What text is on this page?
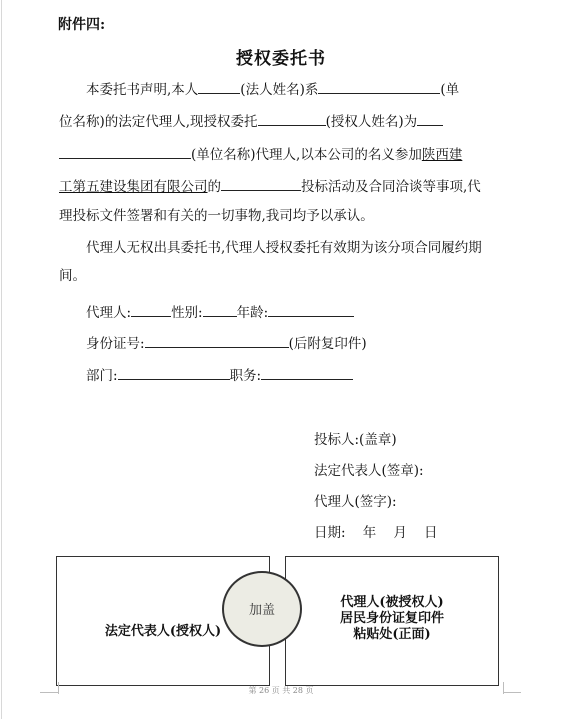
附件四:
授权委托书
本委托书声明,本人	(法人姓名)系	(单
位名称)的法定代理人,现授权委托	(授权人姓名)为
(单位名称)代理人,以本公司的名义参加陕西建
工第五建设集团有限公司的	投标活动及合同洽谈等事项,代
理投标文件签署和有关的一切事物,我司均予以承认。
代理人无权出具委托书,代理人授权委托有效期为该分项合同履约期
间。
代理人:	性别:	年龄:
身份证号:	(后附复印件)
部门:	职务:
投标人:(盖章)
法定代表人(签章):
代理人(签字):
日期:    年    月    日
法定代表人(授权人)
代理人(被授权人)
居民身份证复印件
粘贴处(正面)
加盖
第 26 页 共 28 页
